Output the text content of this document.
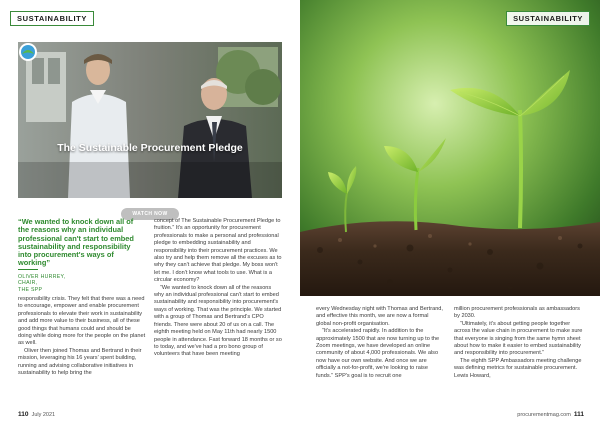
SUSTAINABILITY
The Sustainable Procurement Pledge
WATCH NOW
“We wanted to knock down all of the reasons why an individual professional can't start to embed sustainability and responsibility into procurement's ways of working”
OLIVER HURREY,
CHAIR,
THE SPP

responsibility crisis. They felt that there was a need to encourage, empower and enable procurement professionals to elevate their work in sustainability and add more value to their business, all of these good things that humans could and should be doing while doing more for the people on the planet as well.

Oliver then joined Thomas and Bertrand in their mission, leveraging his 16 years' spent building, running and advising collaborative initiatives in sustainability to help bring the

concept of The Sustainable Procurement Pledge to fruition.” It's an opportunity for procurement professionals to make a personal and professional pledge to embedding sustainability and responsibility into their procurement practices. We also try and help them remove all the excuses as to why they can't achieve that pledge. My boss won't let me. I don't know what tools to use. What is a circular economy?

“We wanted to knock down all of the reasons why an individual professional can't start to embed sustainability and responsibility into procurement's ways of working. That was the principle. We started with a group of Thomas and Bertrand's CPO friends. There were about 20 of us on a call. The eighth meeting held on May 11th had nearly 1500 people in attendance. Fast forward 18 months or so to today, and we've had a pro bono group of volunteers that have been meeting

110 July 2021
SUSTAINABILITY

every Wednesday night with Thomas and Bertrand, and effective this month, we are now a formal global non-profit organisation.

“It's accelerated rapidly. In addition to the approximately 1500 that are now turning up to the Zoom meetings, we have developed an online community of about 4,000 professionals. We also now have our own website. And once we are officially a not-for-profit, we're looking to raise funds.” SPP's goal is to recruit one

million procurement professionals as ambassadors by 2030.

“Ultimately, it's about getting people together across the value chain in procurement to make sure that everyone is singing from the same hymn sheet about how to make it easier to embed sustainability and responsibility into procurement.”

The eighth SPP Ambassadors meeting challenge was defining metrics for sustainable procurement. Lewis Howard,

procurementmag.com 111
